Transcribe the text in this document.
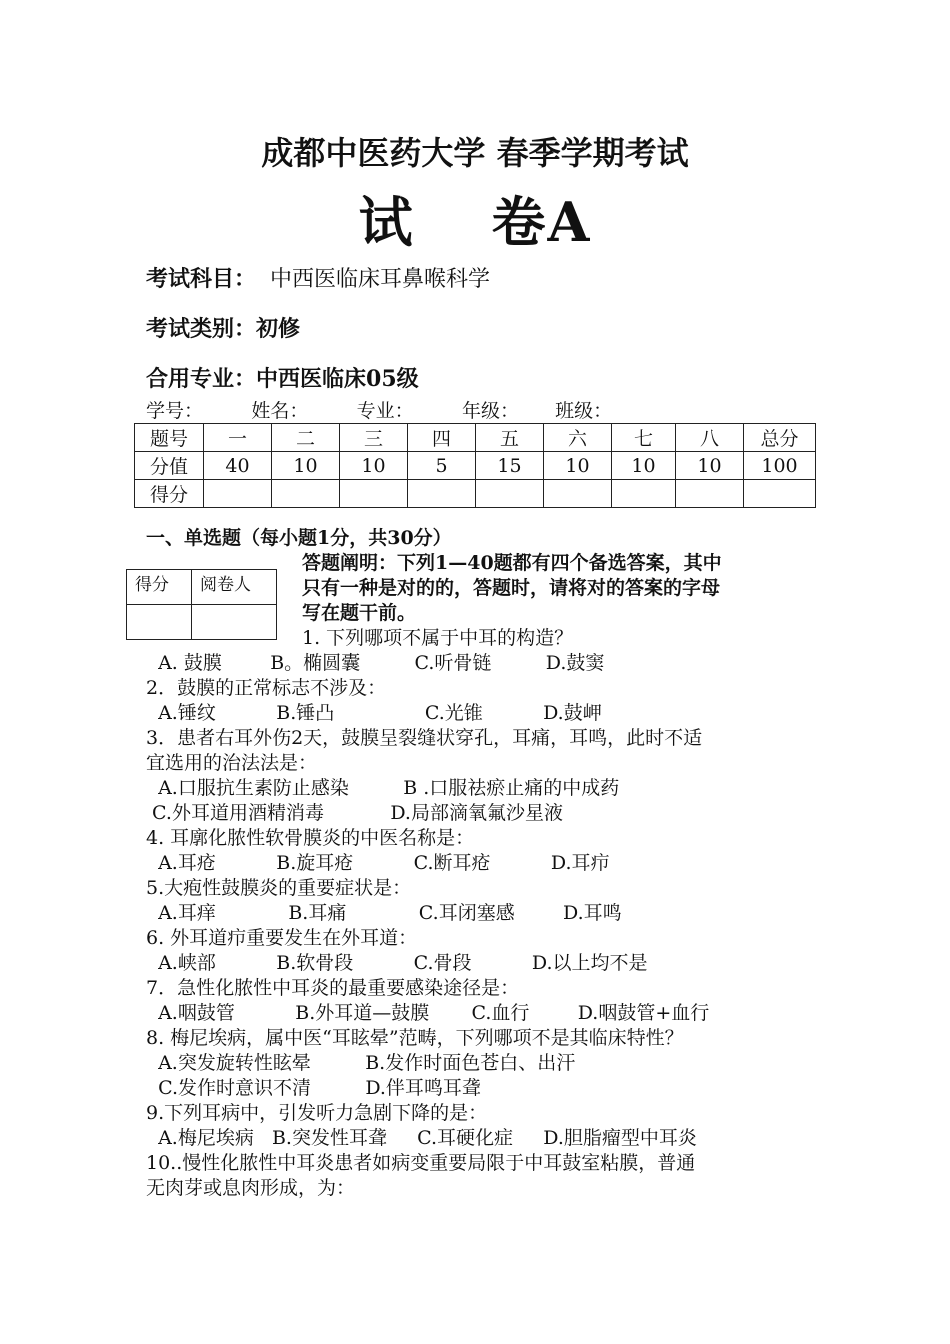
成都中医药大学 春季学期考试
试　 卷A
考试科目： 中西医临床耳鼻喉科学
考试类别：初修
合用专业：中西医临床05级
学号：        姓名：        专业：        年级：      班级：
题号	一	二	三	四	五	六	七	八	总分
分值	40	10	10	5	15	10	10	10	100
得分									
一、单选题（每小题1分，共30分）
答题阐明：下列1—40题都有四个备选答案，其中
只有一种是对的的，答题时，请将对的答案的字母
写在题干前。
得分	阅卷人

1. 下列哪项不属于中耳的构造？
A. 鼓膜        B。椭圆囊         C.听骨链         D.鼓窦
2．鼓膜的正常标志不涉及：
A.锤纹          B.锤凸               C.光锥          D.鼓岬
3．患者右耳外伤2天，鼓膜呈裂缝状穿孔，耳痛，耳鸣，此时不适
宜选用的治法法是：
A.口服抗生素防止感染         B .口服祛瘀止痛的中成药
C.外耳道用酒精消毒           D.局部滴氧氟沙星液
4. 耳廓化脓性软骨膜炎的中医名称是：
A.耳疮          B.旋耳疮          C.断耳疮          D.耳疖
5.大疱性鼓膜炎的重要症状是：
A.耳痒            B.耳痛            C.耳闭塞感        D.耳鸣
6. 外耳道疖重要发生在外耳道：
A.峡部          B.软骨段          C.骨段          D.以上均不是
7．急性化脓性中耳炎的最重要感染途径是：
A.咽鼓管          B.外耳道—鼓膜       C.血行        D.咽鼓管+血行
8. 梅尼埃病，属中医“耳眩晕”范畴，下列哪项不是其临床特性？
A.突发旋转性眩晕         B.发作时面色苍白、出汗
C.发作时意识不清         D.伴耳鸣耳聋
9.下列耳病中，引发听力急剧下降的是：
A.梅尼埃病   B.突发性耳聋     C.耳硬化症     D.胆脂瘤型中耳炎
10..慢性化脓性中耳炎患者如病变重要局限于中耳鼓室粘膜，普通
无肉芽或息肉形成，为：
